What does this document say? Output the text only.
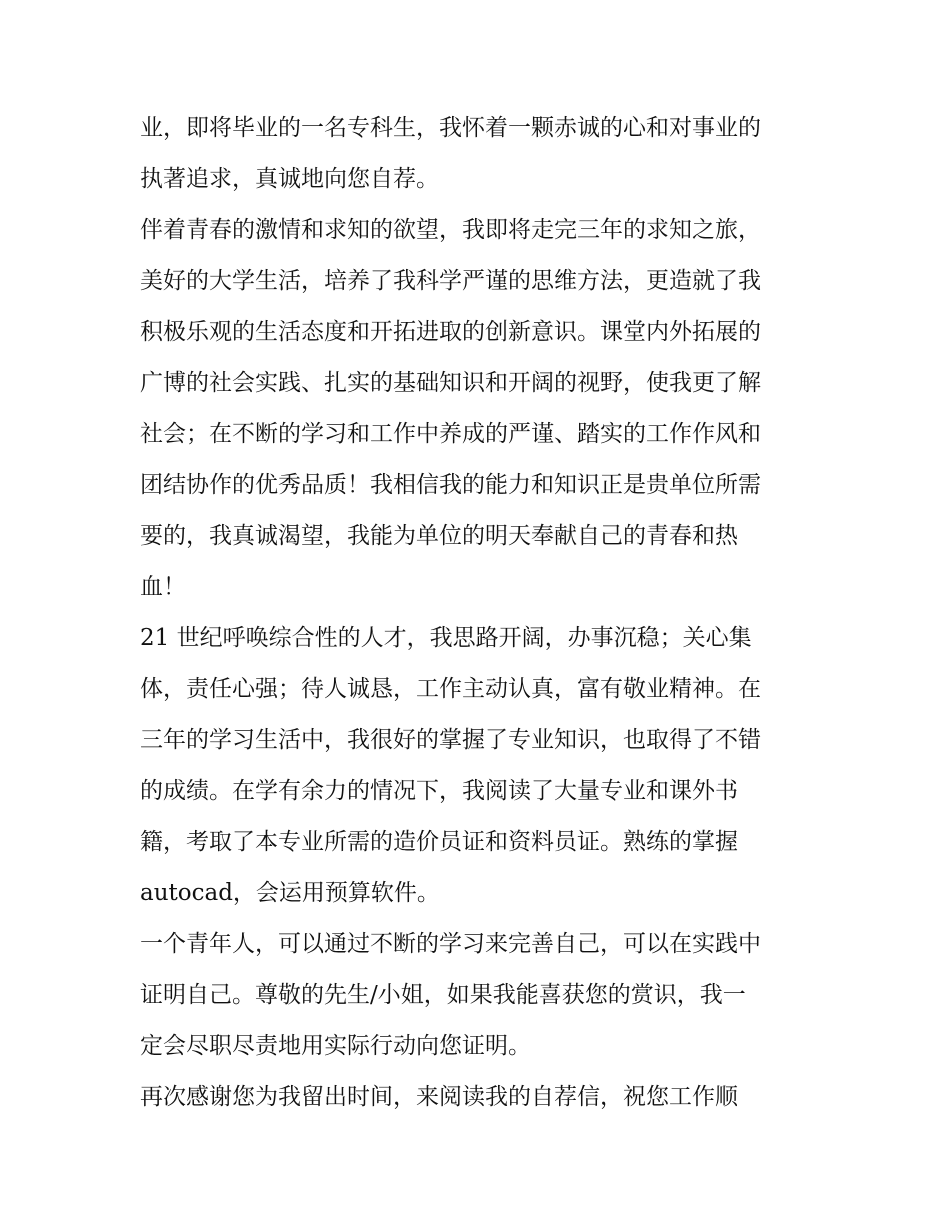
业，即将毕业的一名专科生，我怀着一颗赤诚的心和对事业的
执著追求，真诚地向您自荐。
伴着青春的激情和求知的欲望，我即将走完三年的求知之旅，
美好的大学生活，培养了我科学严谨的思维方法，更造就了我
积极乐观的生活态度和开拓进取的创新意识。课堂内外拓展的
广博的社会实践、扎实的基础知识和开阔的视野，使我更了解
社会；在不断的学习和工作中养成的严谨、踏实的工作作风和
团结协作的优秀品质！我相信我的能力和知识正是贵单位所需
要的，我真诚渴望，我能为单位的明天奉献自己的青春和热
血！
21 世纪呼唤综合性的人才，我思路开阔，办事沉稳；关心集
体，责任心强；待人诚恳，工作主动认真，富有敬业精神。在
三年的学习生活中，我很好的掌握了专业知识，也取得了不错
的成绩。在学有余力的情况下，我阅读了大量专业和课外书
籍，考取了本专业所需的造价员证和资料员证。熟练的掌握
autocad，会运用预算软件。
一个青年人，可以通过不断的学习来完善自己，可以在实践中
证明自己。尊敬的先生/小姐，如果我能喜获您的赏识，我一
定会尽职尽责地用实际行动向您证明。
再次感谢您为我留出时间，来阅读我的自荐信，祝您工作顺
